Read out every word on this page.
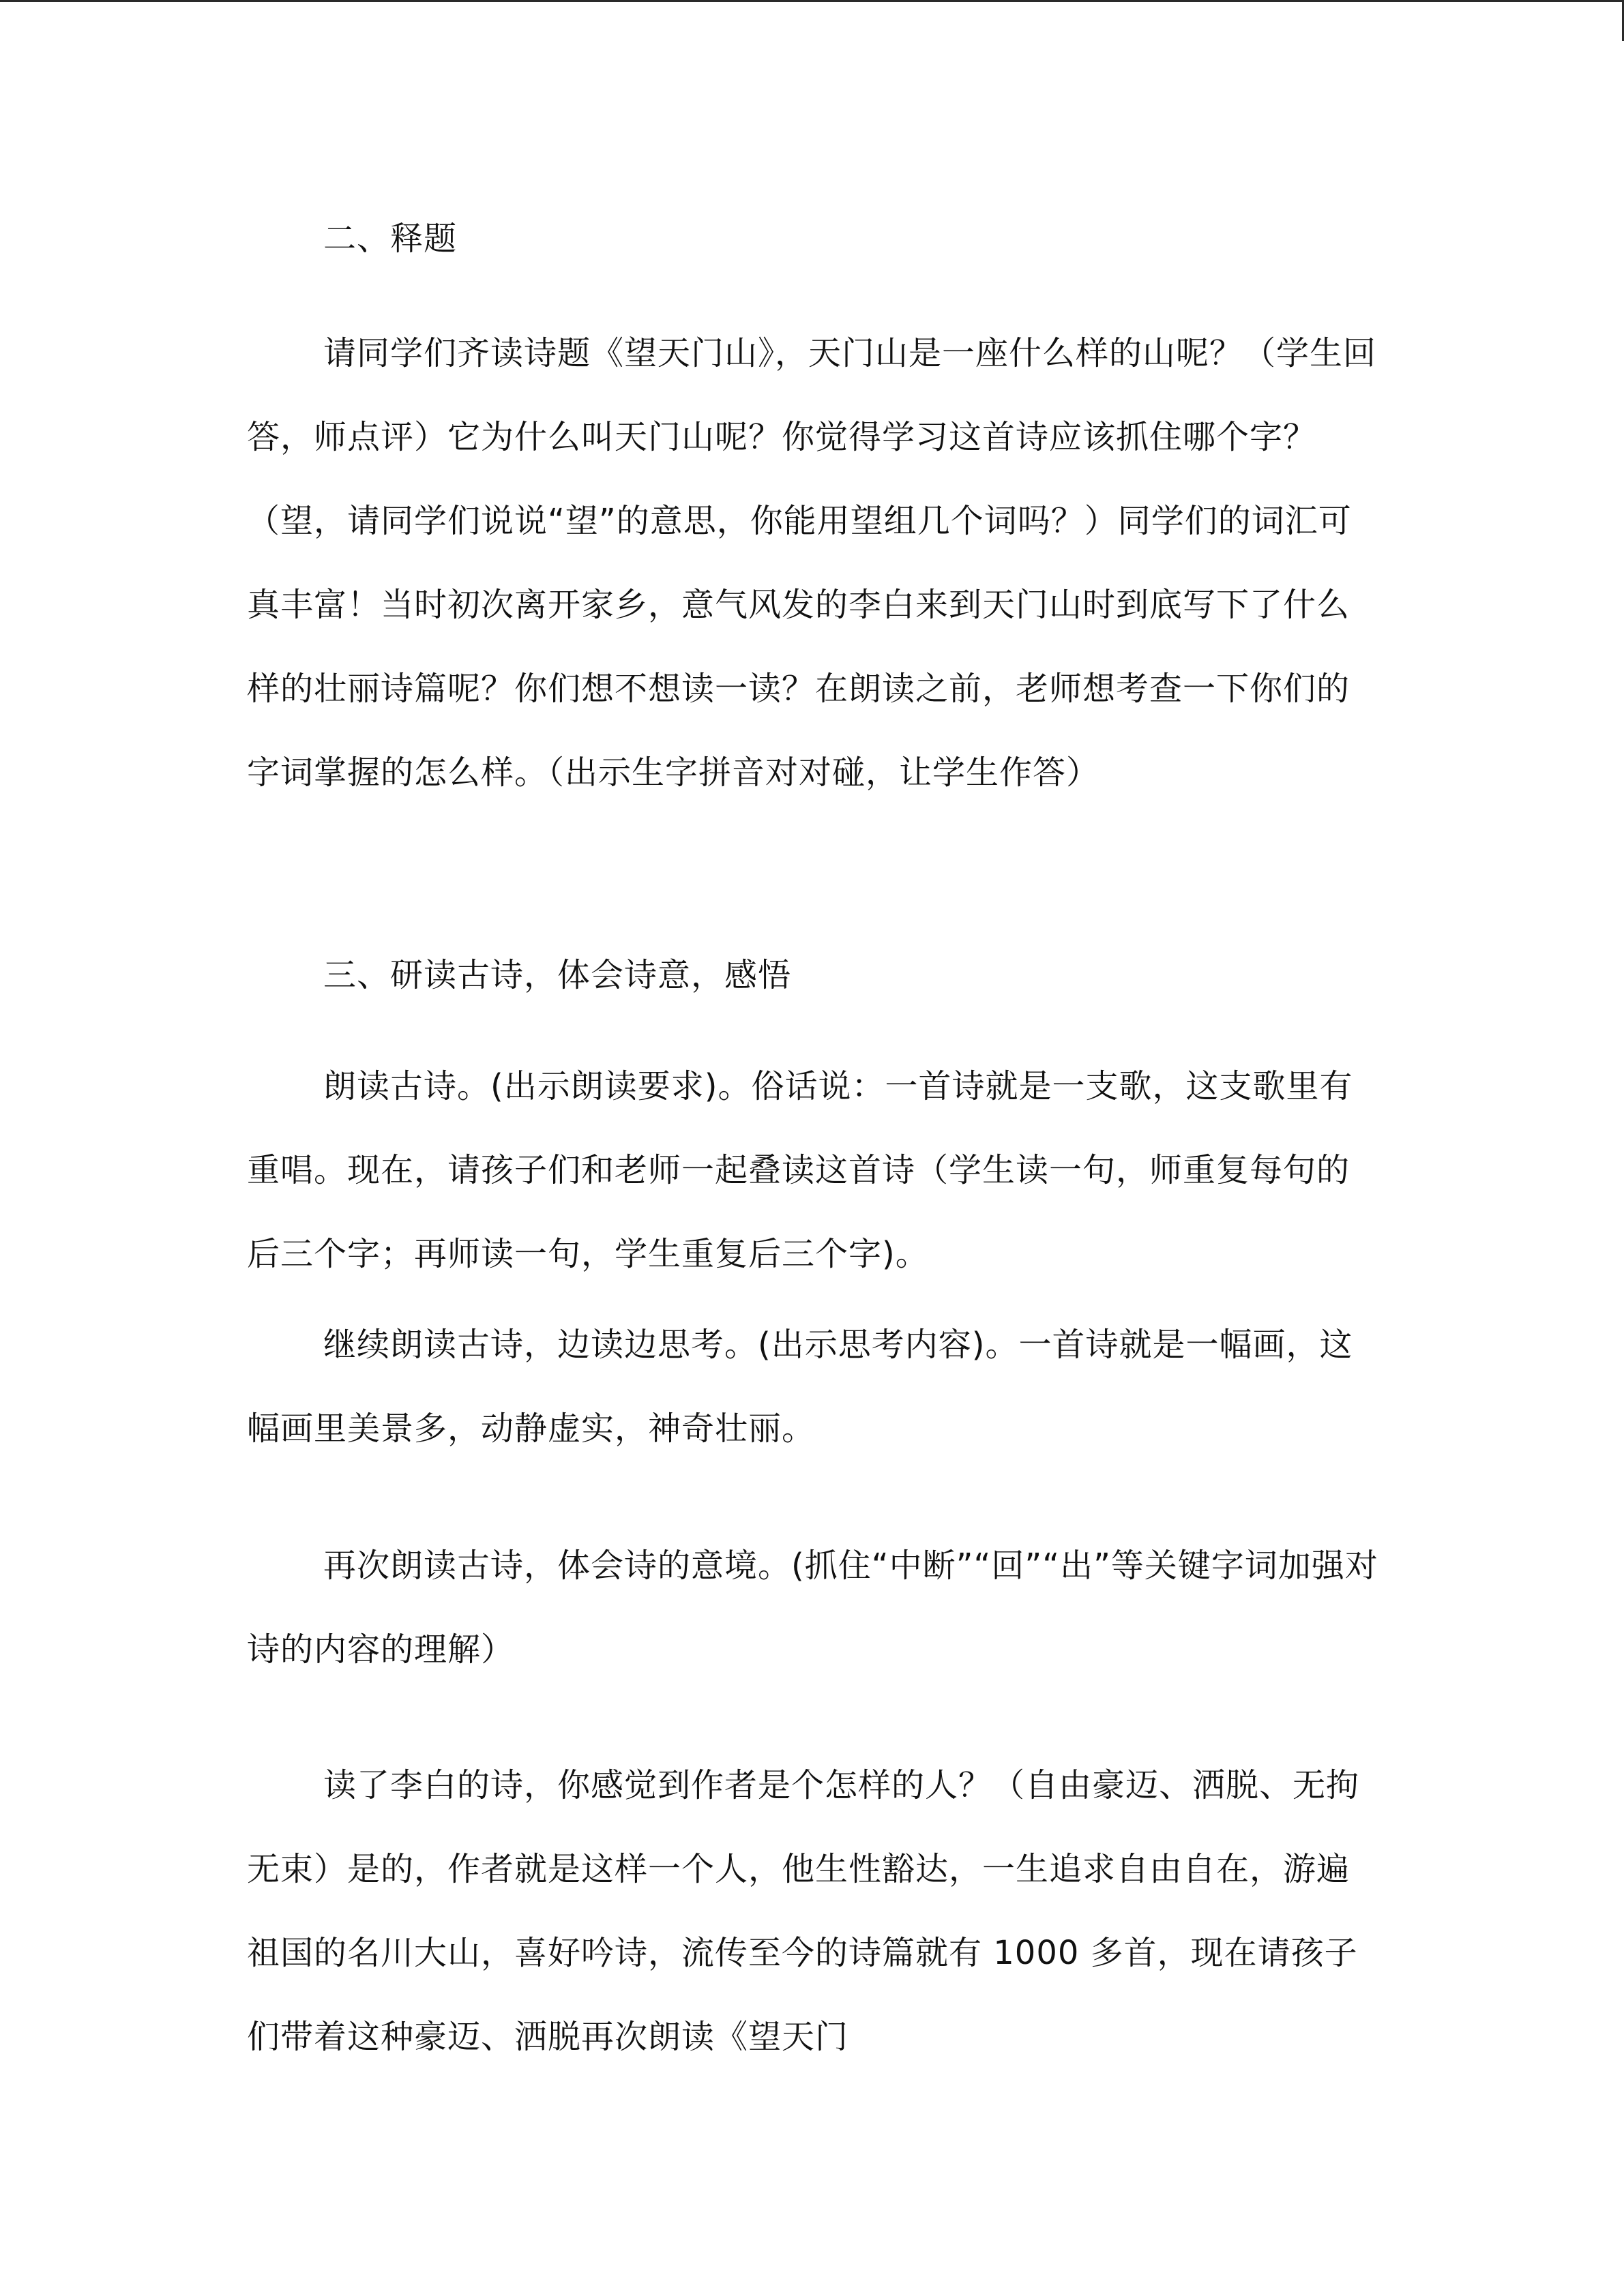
二、释题

请同学们齐读诗题《望天门山》，天门山是一座什么样的山呢？（学生回答，师点评）它为什么叫天门山呢？你觉得学习这首诗应该抓住哪个字？（望，请同学们说说“望”的意思，你能用望组几个词吗？）同学们的词汇可真丰富！当时初次离开家乡，意气风发的李白来到天门山时到底写下了什么样的壮丽诗篇呢？你们想不想读一读？在朗读之前，老师想考查一下你们的字词掌握的怎么样。（出示生字拼音对对碰，让学生作答）

三、研读古诗，体会诗意，感悟

朗读古诗。(出示朗读要求)。俗话说：一首诗就是一支歌，这支歌里有重唱。现在，请孩子们和老师一起叠读这首诗（学生读一句，师重复每句的后三个字；再师读一句，学生重复后三个字)。

继续朗读古诗，边读边思考。(出示思考内容)。一首诗就是一幅画，这幅画里美景多，动静虚实，神奇壮丽。

再次朗读古诗，体会诗的意境。(抓住“中断”“回”“出”等关键字词加强对诗的内容的理解）

读了李白的诗，你感觉到作者是个怎样的人？（自由豪迈、洒脱、无拘无束）是的，作者就是这样一个人，他生性豁达，一生追求自由自在，游遍祖国的名川大山，喜好吟诗，流传至今的诗篇就有 1000 多首，现在请孩子们带着这种豪迈、洒脱再次朗读《望天门
